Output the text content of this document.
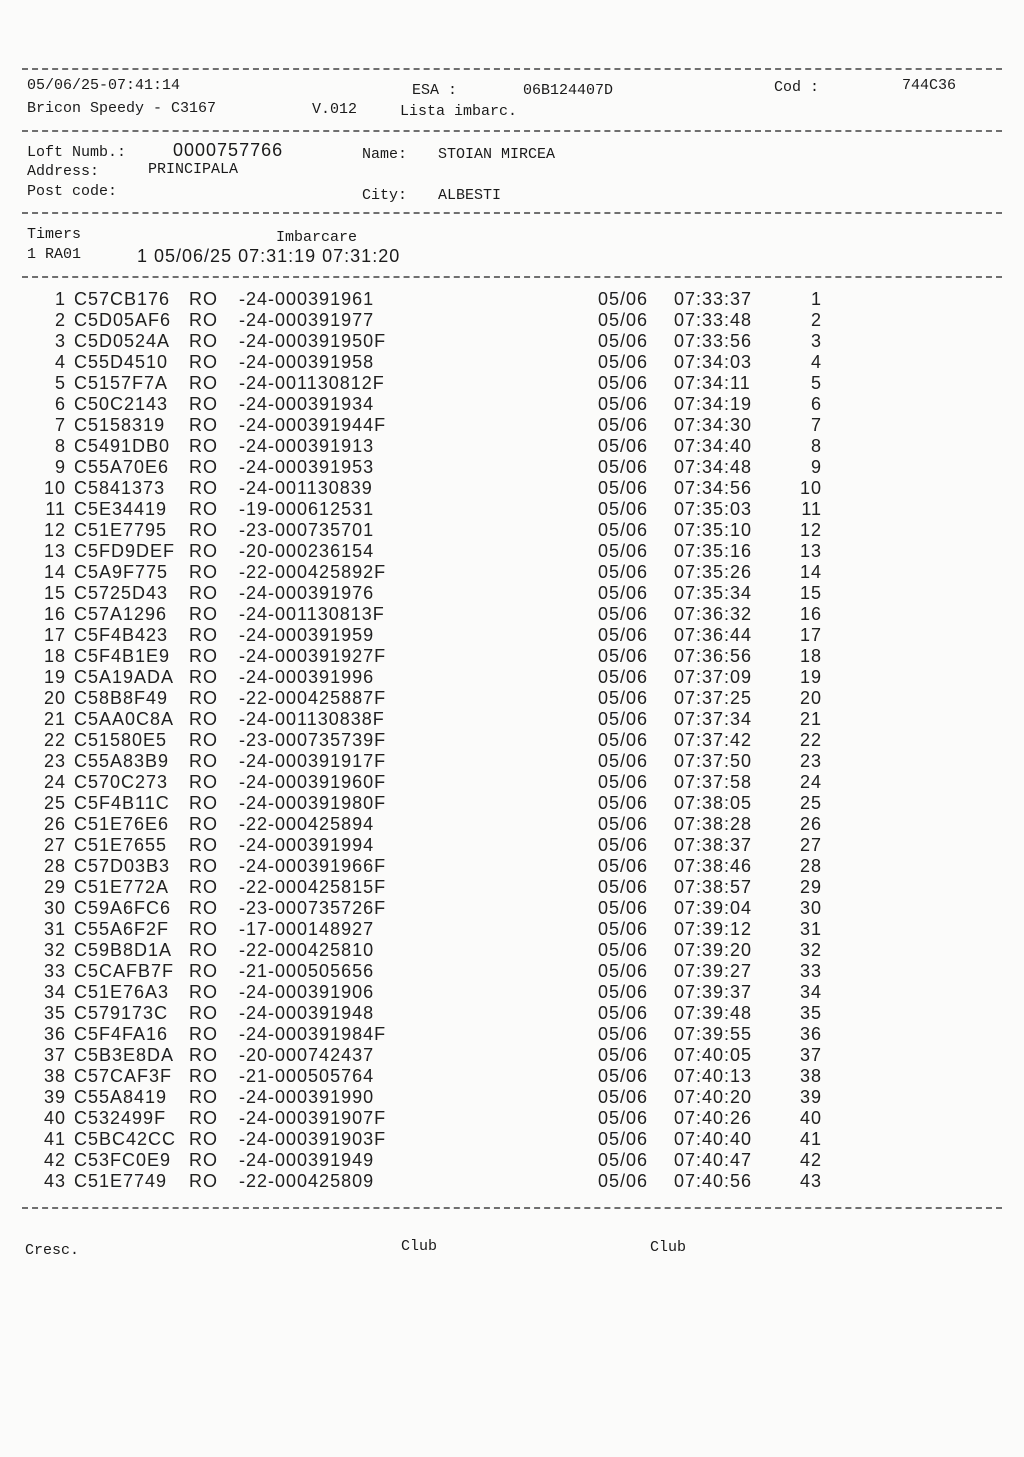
05/06/25-07:41:14	ESA :	06B124407D	Cod :	744C36
Bricon Speedy - C3167	V.012	Lista imbarc.
Loft Numb.:	0000757766	Name: STOIAN MIRCEA
Address:	PRINCIPALA
Post code:	City: ALBESTI
Timers	Imbarcare
1 RA01	1 05/06/25 07:31:19 07:31:20
1 C57CB176 RO -24-000391961	05/06 07:33:37	1
2 C5D05AF6 RO -24-000391977	05/06 07:33:48	2
3 C5D0524A RO -24-000391950F	05/06 07:33:56	3
4 C55D4510 RO -24-000391958	05/06 07:34:03	4
5 C5157F7A RO -24-001130812F	05/06 07:34:11	5
6 C50C2143 RO -24-000391934	05/06 07:34:19	6
7 C5158319 RO -24-000391944F	05/06 07:34:30	7
8 C5491DB0 RO -24-000391913	05/06 07:34:40	8
9 C55A70E6 RO -24-000391953	05/06 07:34:48	9
10 C5841373 RO -24-001130839	05/06 07:34:56	10
11 C5E34419 RO -19-000612531	05/06 07:35:03	11
12 C51E7795 RO -23-000735701	05/06 07:35:10	12
13 C5FD9DEF RO -20-000236154	05/06 07:35:16	13
14 C5A9F775 RO -22-000425892F	05/06 07:35:26	14
15 C5725D43 RO -24-000391976	05/06 07:35:34	15
16 C57A1296 RO -24-001130813F	05/06 07:36:32	16
17 C5F4B423 RO -24-000391959	05/06 07:36:44	17
18 C5F4B1E9 RO -24-000391927F	05/06 07:36:56	18
19 C5A19ADA RO -24-000391996	05/06 07:37:09	19
20 C58B8F49 RO -22-000425887F	05/06 07:37:25	20
21 C5AA0C8A RO -24-001130838F	05/06 07:37:34	21
22 C51580E5 RO -23-000735739F	05/06 07:37:42	22
23 C55A83B9 RO -24-000391917F	05/06 07:37:50	23
24 C570C273 RO -24-000391960F	05/06 07:37:58	24
25 C5F4B11C RO -24-000391980F	05/06 07:38:05	25
26 C51E76E6 RO -22-000425894	05/06 07:38:28	26
27 C51E7655 RO -24-000391994	05/06 07:38:37	27
28 C57D03B3 RO -24-000391966F	05/06 07:38:46	28
29 C51E772A RO -22-000425815F	05/06 07:38:57	29
30 C59A6FC6 RO -23-000735726F	05/06 07:39:04	30
31 C55A6F2F RO -17-000148927	05/06 07:39:12	31
32 C59B8D1A RO -22-000425810	05/06 07:39:20	32
33 C5CAFB7F RO -21-000505656	05/06 07:39:27	33
34 C51E76A3 RO -24-000391906	05/06 07:39:37	34
35 C579173C RO -24-000391948	05/06 07:39:48	35
36 C5F4FA16 RO -24-000391984F	05/06 07:39:55	36
37 C5B3E8DA RO -20-000742437	05/06 07:40:05	37
38 C57CAF3F RO -21-000505764	05/06 07:40:13	38
39 C55A8419 RO -24-000391990	05/06 07:40:20	39
40 C532499F RO -24-000391907F	05/06 07:40:26	40
41 C5BC42CC RO -24-000391903F	05/06 07:40:40	41
42 C53FC0E9 RO -24-000391949	05/06 07:40:47	42
43 C51E7749 RO -22-000425809	05/06 07:40:56	43
Cresc.	Club	Club
